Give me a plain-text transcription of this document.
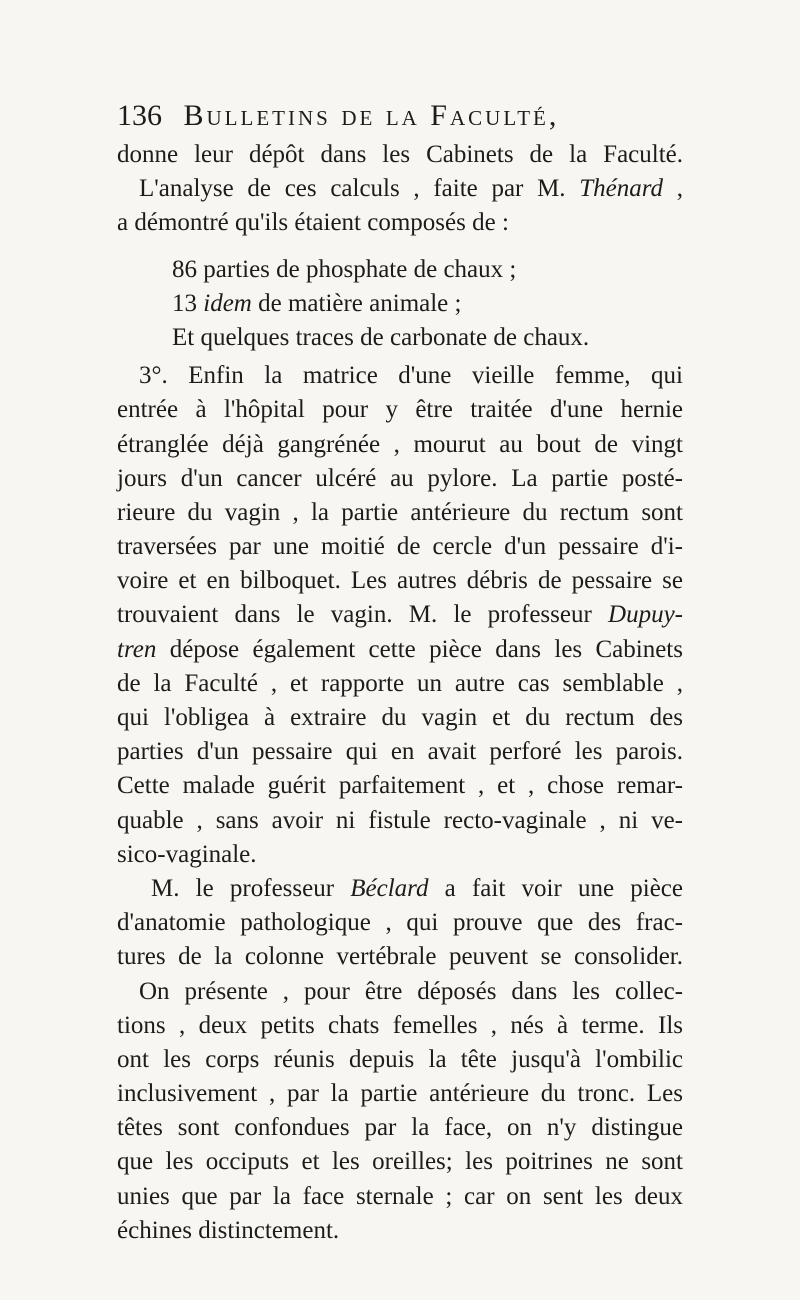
136 Bulletins de la Faculté,
donne leur dépôt dans les Cabinets de la Faculté.
L'analyse de ces calculs , faite par M. Thénard ,
a démontré qu'ils étaient composés de :
86 parties de phosphate de chaux ;
13 idem de matière animale ;
Et quelques traces de carbonate de chaux.
3°. Enfin la matrice d'une vieille femme, qui
entrée à l'hôpital pour y être traitée d'une hernie
étranglée déjà gangrénée , mourut au bout de vingt
jours d'un cancer ulcéré au pylore. La partie posté-
rieure du vagin , la partie antérieure du rectum sont
traversées par une moitié de cercle d'un pessaire d'i-
voire et en bilboquet. Les autres débris de pessaire se
trouvaient dans le vagin. M. le professeur Dupuy-
tren dépose également cette pièce dans les Cabinets
de la Faculté , et rapporte un autre cas semblable ,
qui l'obligea à extraire du vagin et du rectum des
parties d'un pessaire qui en avait perforé les parois.
Cette malade guérit parfaitement , et , chose remar-
quable , sans avoir ni fistule recto-vaginale , ni ve-
sico-vaginale.
M. le professeur Béclard a fait voir une pièce
d'anatomie pathologique , qui prouve que des frac-
tures de la colonne vertébrale peuvent se consolider.
On présente , pour être déposés dans les collec-
tions , deux petits chats femelles , nés à terme. Ils
ont les corps réunis depuis la tête jusqu'à l'ombilic
inclusivement , par la partie antérieure du tronc. Les
têtes sont confondues par la face, on n'y distingue
que les occiputs et les oreilles; les poitrines ne sont
unies que par la face sternale ; car on sent les deux
échines distinctement.
